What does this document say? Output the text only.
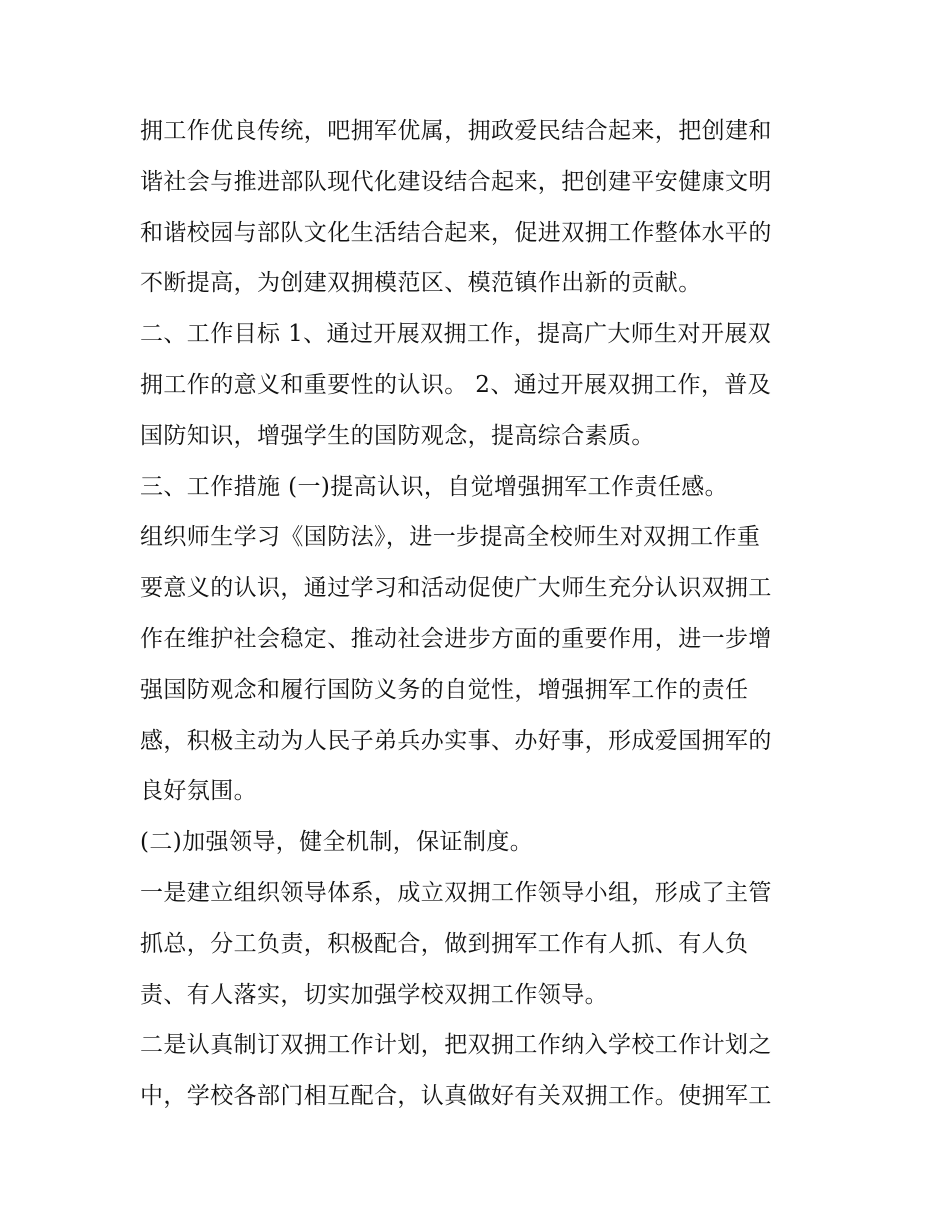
拥工作优良传统，吧拥军优属，拥政爱民结合起来，把创建和
谐社会与推进部队现代化建设结合起来，把创建平安健康文明
和谐校园与部队文化生活结合起来，促进双拥工作整体水平的
不断提高，为创建双拥模范区、模范镇作出新的贡献。
二、工作目标 1、通过开展双拥工作，提高广大师生对开展双
拥工作的意义和重要性的认识。 2、通过开展双拥工作，普及
国防知识，增强学生的国防观念，提高综合素质。
三、工作措施 (一)提高认识，自觉增强拥军工作责任感。
组织师生学习《国防法》，进一步提高全校师生对双拥工作重
要意义的认识，通过学习和活动促使广大师生充分认识双拥工
作在维护社会稳定、推动社会进步方面的重要作用，进一步增
强国防观念和履行国防义务的自觉性，增强拥军工作的责任
感，积极主动为人民子弟兵办实事、办好事，形成爱国拥军的
良好氛围。
(二)加强领导，健全机制，保证制度。
一是建立组织领导体系，成立双拥工作领导小组，形成了主管
抓总，分工负责，积极配合，做到拥军工作有人抓、有人负
责、有人落实，切实加强学校双拥工作领导。
二是认真制订双拥工作计划，把双拥工作纳入学校工作计划之
中，学校各部门相互配合，认真做好有关双拥工作。使拥军工
